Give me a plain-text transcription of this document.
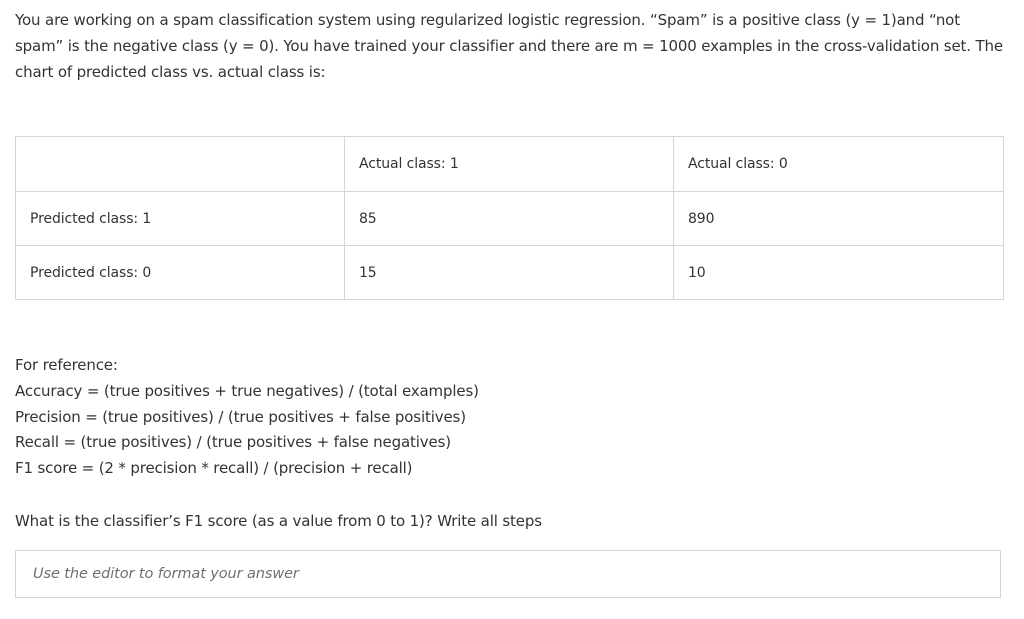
You are working on a spam classification system using regularized logistic regression. “Spam” is a positive class (y = 1)and “not spam” is the negative class (y = 0). You have trained your classifier and there are m = 1000 examples in the cross-validation set. The chart of predicted class vs. actual class is:

	Actual class: 1	Actual class: 0
Predicted class: 1	85	890
Predicted class: 0	15	10
For reference:
Accuracy = (true positives + true negatives) / (total examples)
Precision = (true positives) / (true positives + false positives)
Recall = (true positives) / (true positives + false negatives)
F1 score = (2 * precision * recall) / (precision + recall)
What is the classifier’s F1 score (as a value from 0 to 1)? Write all steps
Use the editor to format your answer
